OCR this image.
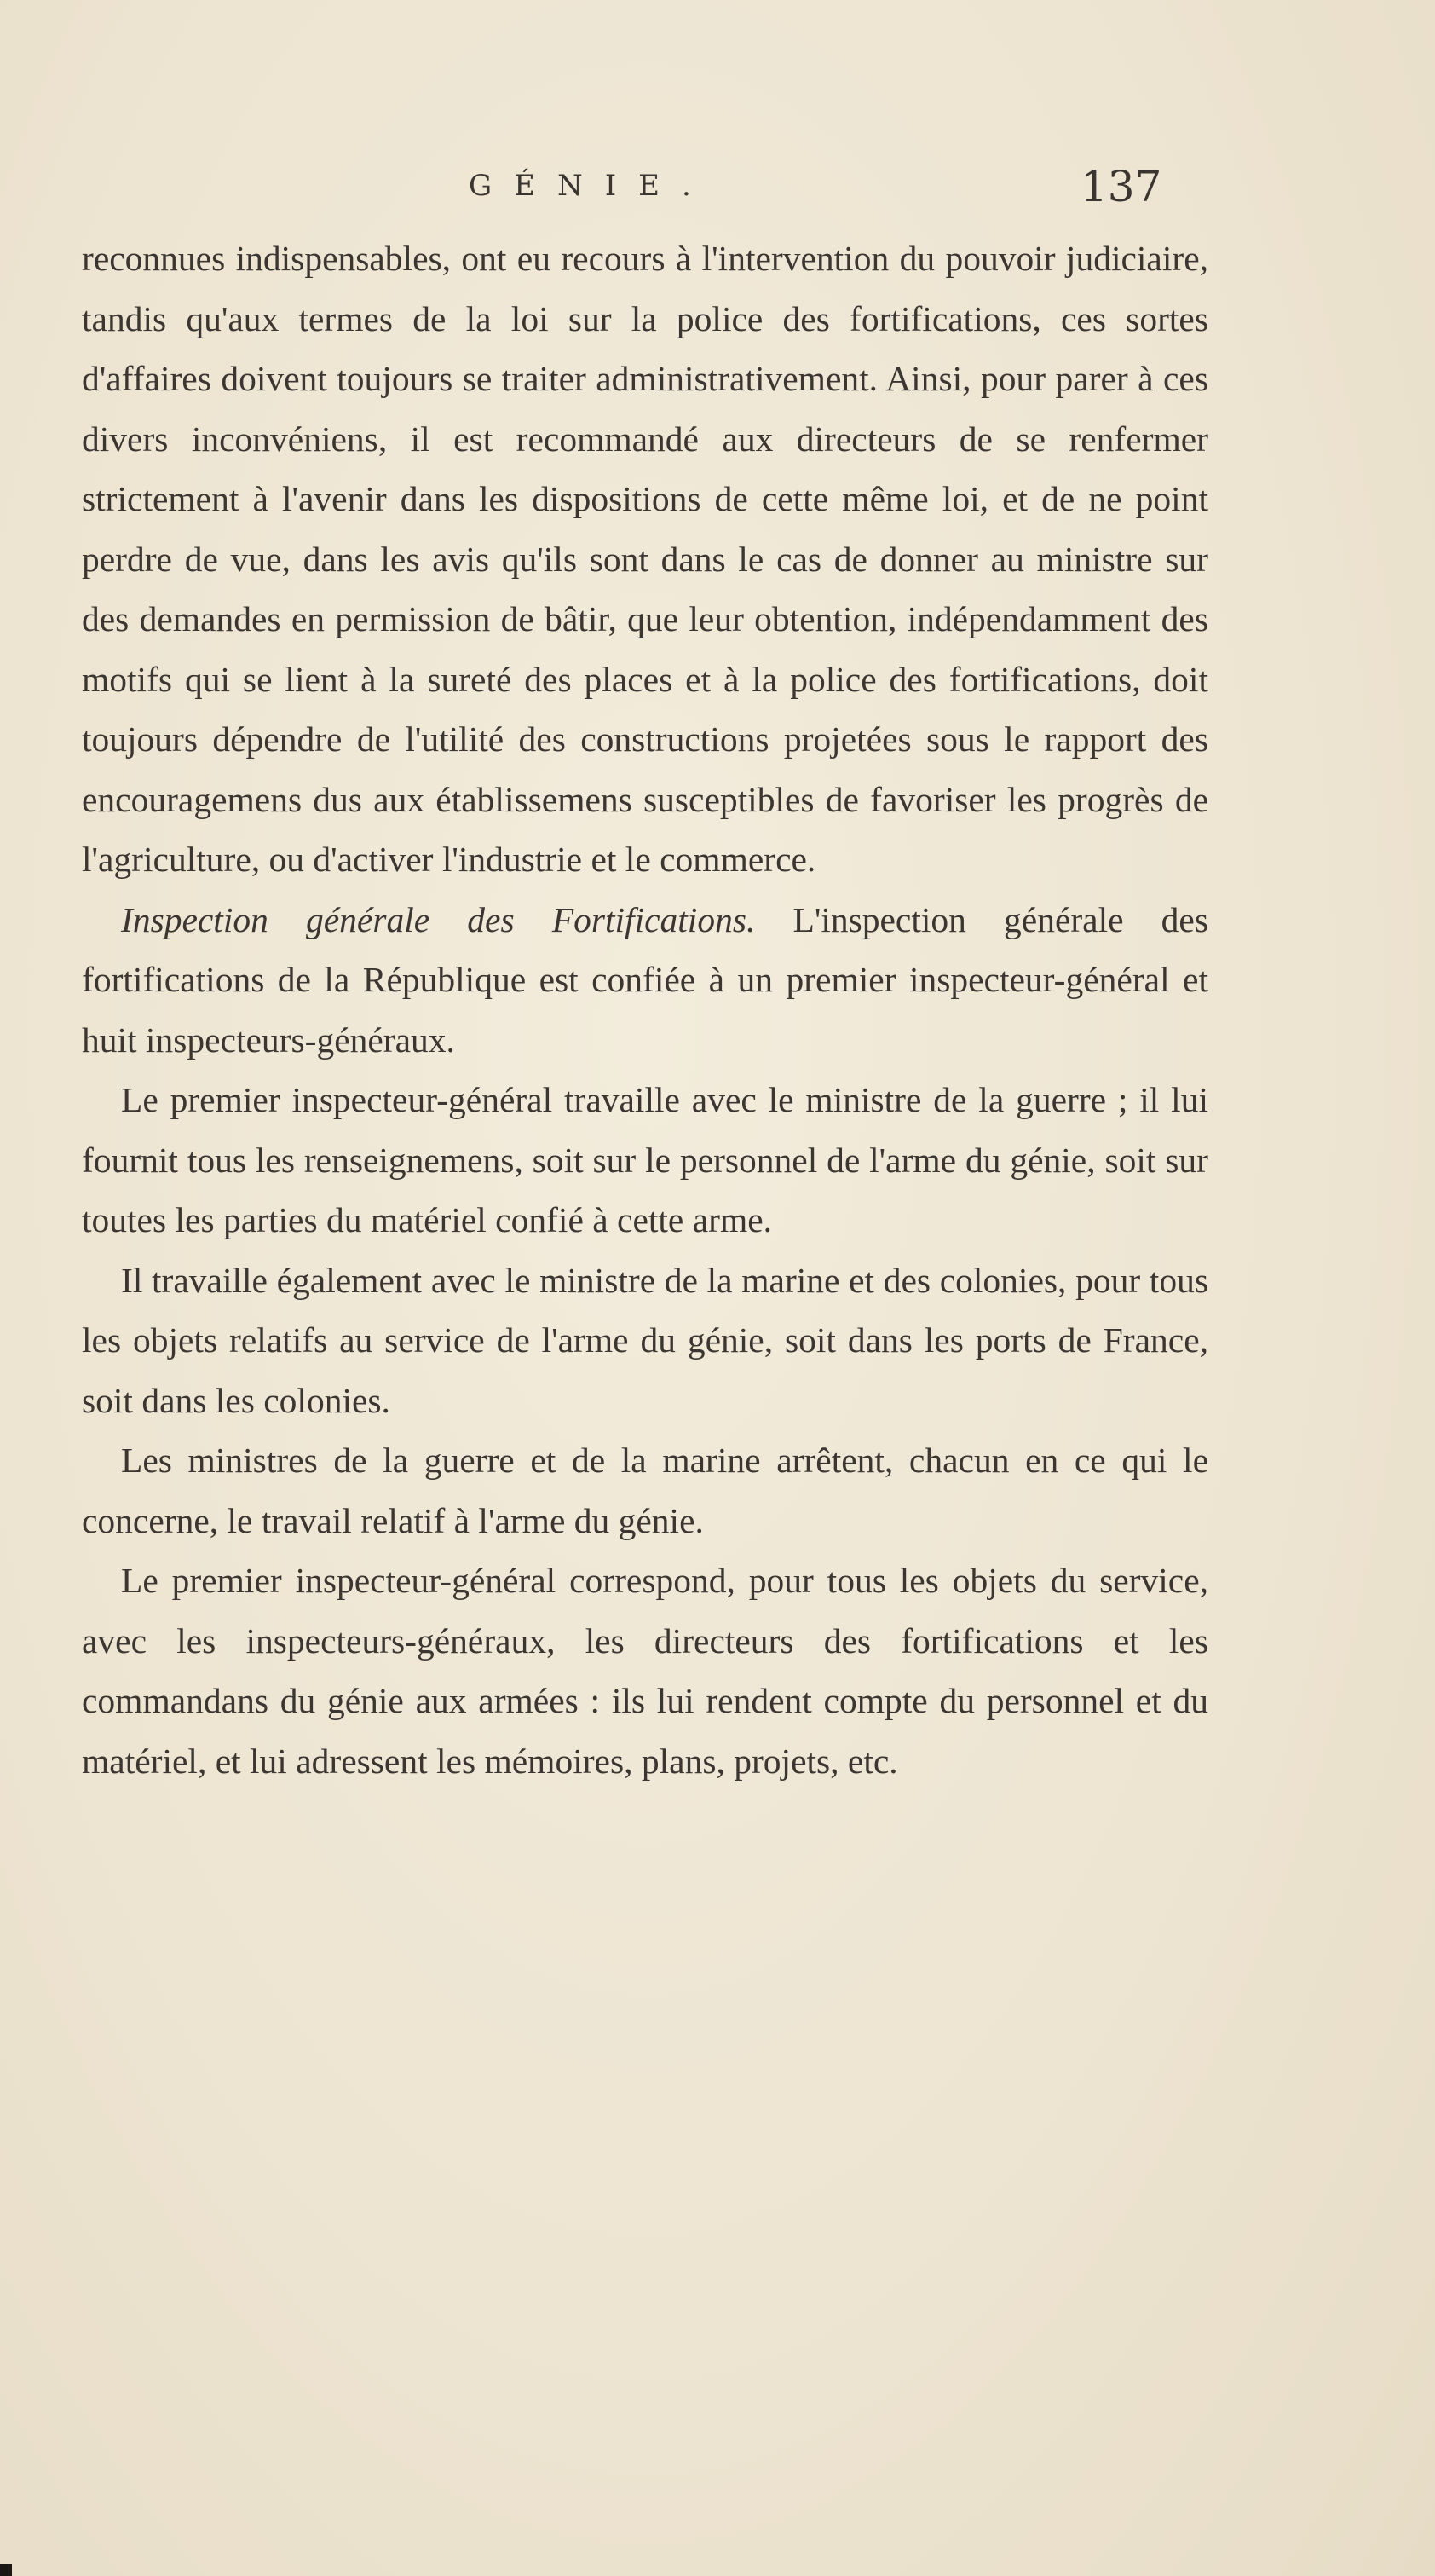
GÉNIE.	137

reconnues indispensables, ont eu recours à l'intervention du pouvoir judiciaire, tandis qu'aux termes de la loi sur la police des fortifications, ces sortes d'affaires doivent toujours se traiter administrativement. Ainsi, pour parer à ces divers inconvéniens, il est recommandé aux directeurs de se renfermer strictement à l'avenir dans les dispositions de cette même loi, et de ne point perdre de vue, dans les avis qu'ils sont dans le cas de donner au ministre sur des demandes en permission de bâtir, que leur obtention, indépendamment des motifs qui se lient à la sureté des places et à la police des fortifications, doit toujours dépendre de l'utilité des constructions projetées sous le rapport des encouragemens dus aux établissemens susceptibles de favoriser les progrès de l'agriculture, ou d'activer l'industrie et le commerce.

Inspection générale des Fortifications. L'inspection générale des fortifications de la République est confiée à un premier inspecteur-général et huit inspecteurs-généraux.

Le premier inspecteur-général travaille avec le ministre de la guerre ; il lui fournit tous les renseignemens, soit sur le personnel de l'arme du génie, soit sur toutes les parties du matériel confié à cette arme.

Il travaille également avec le ministre de la marine et des colonies, pour tous les objets relatifs au service de l'arme du génie, soit dans les ports de France, soit dans les colonies.

Les ministres de la guerre et de la marine arrêtent, chacun en ce qui le concerne, le travail relatif à l'arme du génie.

Le premier inspecteur-général correspond, pour tous les objets du service, avec les inspecteurs-généraux, les directeurs des fortifications et les commandans du génie aux armées : ils lui rendent compte du personnel et du matériel, et lui adressent les mémoires, plans, projets, etc.
